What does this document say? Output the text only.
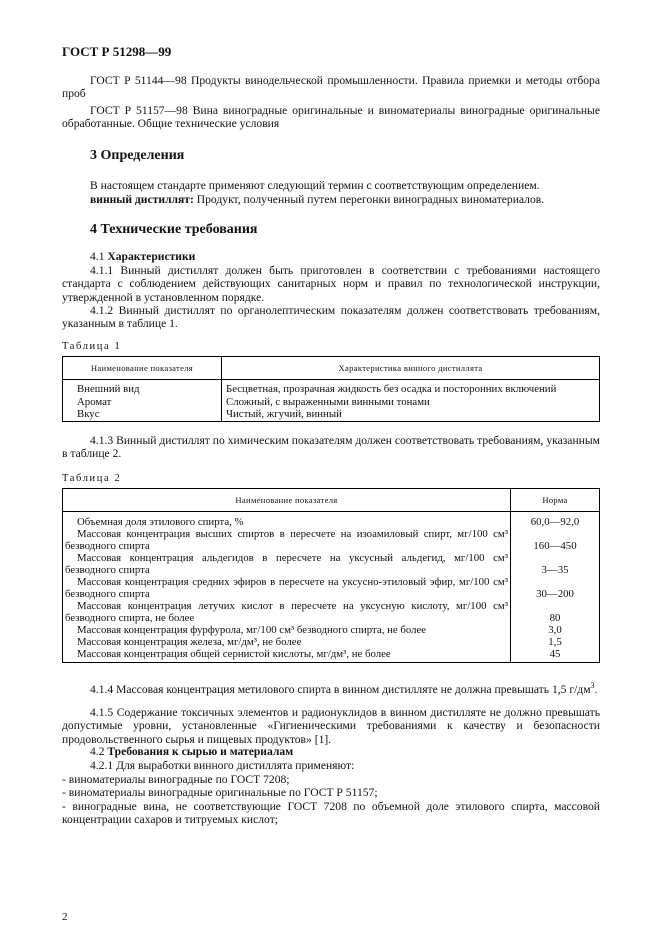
ГОСТ Р 51298—99
ГОСТ Р 51144—98 Продукты винодельческой промышленности. Правила приемки и методы отбора проб
ГОСТ Р 51157—98 Вина виноградные оригинальные и виноматериалы виноградные оригинальные обработанные. Общие технические условия
3 Определения
В настоящем стандарте применяют следующий термин с соответствующим определением.
винный дистиллят: Продукт, полученный путем перегонки виноградных виноматериалов.
4 Технические требования
4.1 Характеристики
4.1.1 Винный дистиллят должен быть приготовлен в соответствии с требованиями настоящего стандарта с соблюдением действующих санитарных норм и правил по технологической инструкции, утвержденной в установленном порядке.
4.1.2 Винный дистиллят по органолептическим показателям должен соответствовать требованиям, указанным в таблице 1.
Таблица 1
Наименование показателя	Характеристика винного дистиллята
Внешний вид	Бесцветная, прозрачная жидкость без осадка и посторонних включений
Аромат	Сложный, с выраженными винными тонами
Вкус	Чистый, жгучий, винный
4.1.3 Винный дистиллят по химическим показателям должен соответствовать требованиям, указанным в таблице 2.
Таблица 2
Наименование показателя	Норма
Объемная доля этилового спирта, %	60,0—92,0
Массовая концентрация высших спиртов в пересчете на изоамиловый спирт, мг/100 см³ безводного спирта	160—450
Массовая концентрация альдегидов в пересчете на уксусный альдегид, мг/100 см³ безводного спирта	3—35
Массовая концентрация средних эфиров в пересчете на уксусно-этиловый эфир, мг/100 см³ безводного спирта	30—200
Массовая концентрация летучих кислот в пересчете на уксусную кислоту, мг/100 см³ безводного спирта, не более	80
Массовая концентрация фурфурола, мг/100 см³ безводного спирта, не более	3,0
Массовая концентрация железа, мг/дм³, не более	1,5
Массовая концентрация общей сернистой кислоты, мг/дм³, не более	45
4.1.4 Массовая концентрация метилового спирта в винном дистилляте не должна превышать 1,5 $г/дм^3$.
4.1.5 Содержание токсичных элементов и радионуклидов в винном дистилляте не должно превышать допустимые уровни, установленные «Гигиеническими требованиями к качеству и безопасности продовольственного сырья и пищевых продуктов» [1].
4.2 Требования к сырью и материалам
4.2.1 Для выработки винного дистиллята применяют:
- виноматериалы виноградные по ГОСТ 7208;
- виноматериалы виноградные оригинальные по ГОСТ Р 51157;
- виноградные вина, не соответствующие ГОСТ 7208 по объемной доле этилового спирта, массовой концентрации сахаров и титруемых кислот;
2
